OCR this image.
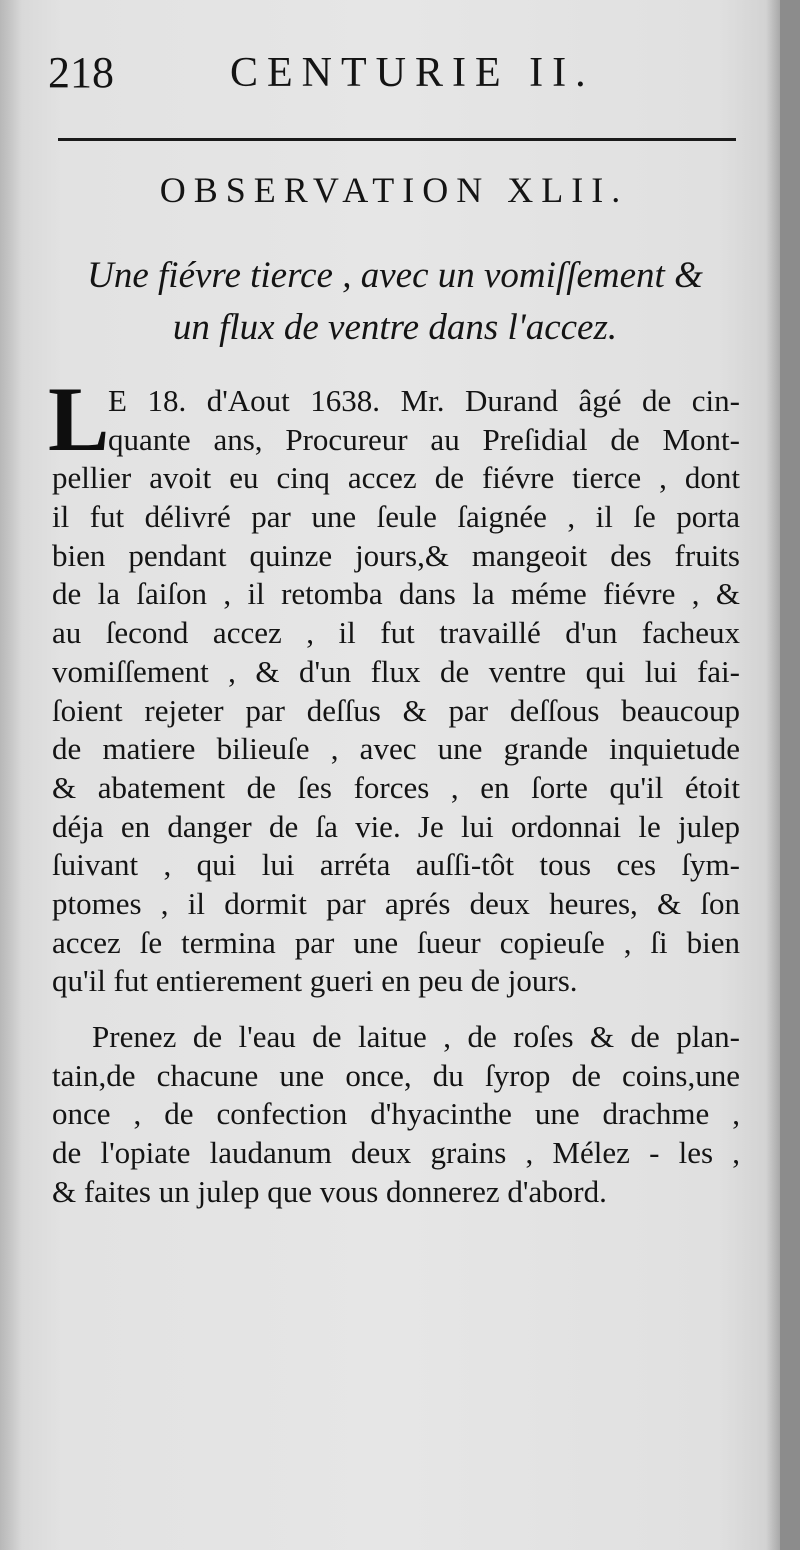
218	CENTURIE II.
OBSERVATION XLII.
Une fiévre tierce , avec un vomiſſement &
un flux de ventre dans l'accez.
L
E 18. d'Aout 1638. Mr. Durand âgé de cin-
quante ans, Procureur au Preſidial de Mont-
pellier avoit eu cinq accez de fiévre tierce , dont
il fut délivré par une ſeule ſaignée , il ſe porta
bien pendant quinze jours,& mangeoit des fruits
de la ſaiſon , il retomba dans la méme fiévre , &
au ſecond accez , il fut travaillé d'un facheux
vomiſſement , & d'un flux de ventre qui lui fai-
ſoient rejeter par deſſus & par deſſous beaucoup
de matiere bilieuſe , avec une grande inquietude
& abatement de ſes forces , en ſorte qu'il étoit
déja en danger de ſa vie. Je lui ordonnai le julep
ſuivant , qui lui arréta auſſi-tôt tous ces ſym-
ptomes , il dormit par aprés deux heures, & ſon
accez ſe termina par une ſueur copieuſe , ſi bien
qu'il fut entierement gueri en peu de jours.
Prenez de l'eau de laitue , de roſes & de plan-
tain,de chacune une once, du ſyrop de coins,une
once , de confection d'hyacinthe une drachme ,
de l'opiate laudanum deux grains , Mélez - les ,
& faites un julep que vous donnerez d'abord.
